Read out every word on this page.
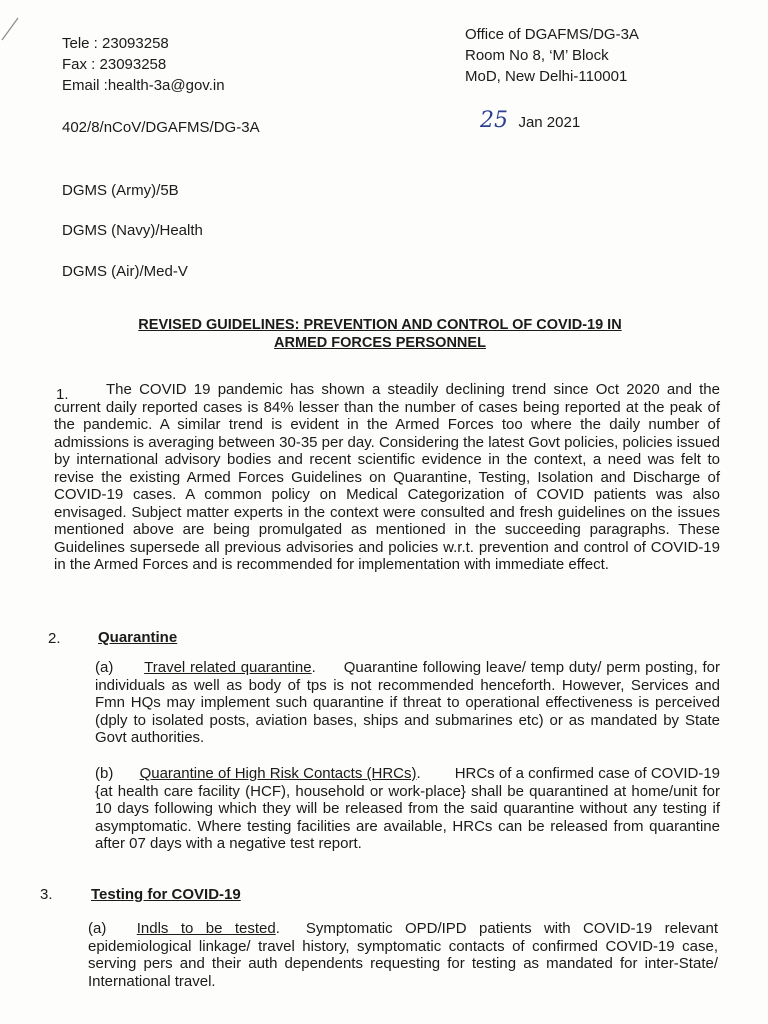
Tele : 23093258
Fax : 23093258
Email :health-3a@gov.in
402/8/nCoV/DGAFMS/DG-3A
Office of DGAFMS/DG-3A
Room No 8, ‘M’ Block
MoD, New Delhi-110001
25 Jan 2021
DGMS (Army)/5B
DGMS (Navy)/Health
DGMS (Air)/Med-V
REVISED GUIDELINES: PREVENTION AND CONTROL OF COVID-19 IN
ARMED FORCES PERSONNEL
1.	The COVID 19 pandemic has shown a steadily declining trend since Oct 2020 and the current daily reported cases is 84% lesser than the number of cases being reported at the peak of the pandemic. A similar trend is evident in the Armed Forces too where the daily number of admissions is averaging between 30-35 per day. Considering the latest Govt policies, policies issued by international advisory bodies and recent scientific evidence in the context, a need was felt to revise the existing Armed Forces Guidelines on Quarantine, Testing, Isolation and Discharge of COVID-19 cases. A common policy on Medical Categorization of COVID patients was also envisaged. Subject matter experts in the context were consulted and fresh guidelines on the issues mentioned above are being promulgated as mentioned in the succeeding paragraphs. These Guidelines supersede all previous advisories and policies w.r.t. prevention and control of COVID-19 in the Armed Forces and is recommended for implementation with immediate effect.
2. Quarantine
(a) Travel related quarantine. Quarantine following leave/ temp duty/ perm posting, for individuals as well as body of tps is not recommended henceforth. However, Services and Fmn HQs may implement such quarantine if threat to operational effectiveness is perceived (dply to isolated posts, aviation bases, ships and submarines etc) or as mandated by State Govt authorities.
(b) Quarantine of High Risk Contacts (HRCs). HRCs of a confirmed case of COVID-19 {at health care facility (HCF), household or work-place} shall be quarantined at home/unit for 10 days following which they will be released from the said quarantine without any testing if asymptomatic. Where testing facilities are available, HRCs can be released from quarantine after 07 days with a negative test report.
3.	Testing for COVID-19
(a) Indls to be tested. Symptomatic OPD/IPD patients with COVID-19 relevant epidemiological linkage/ travel history, symptomatic contacts of confirmed COVID-19 case, serving pers and their auth dependents requesting for testing as mandated for inter-State/ International travel.
